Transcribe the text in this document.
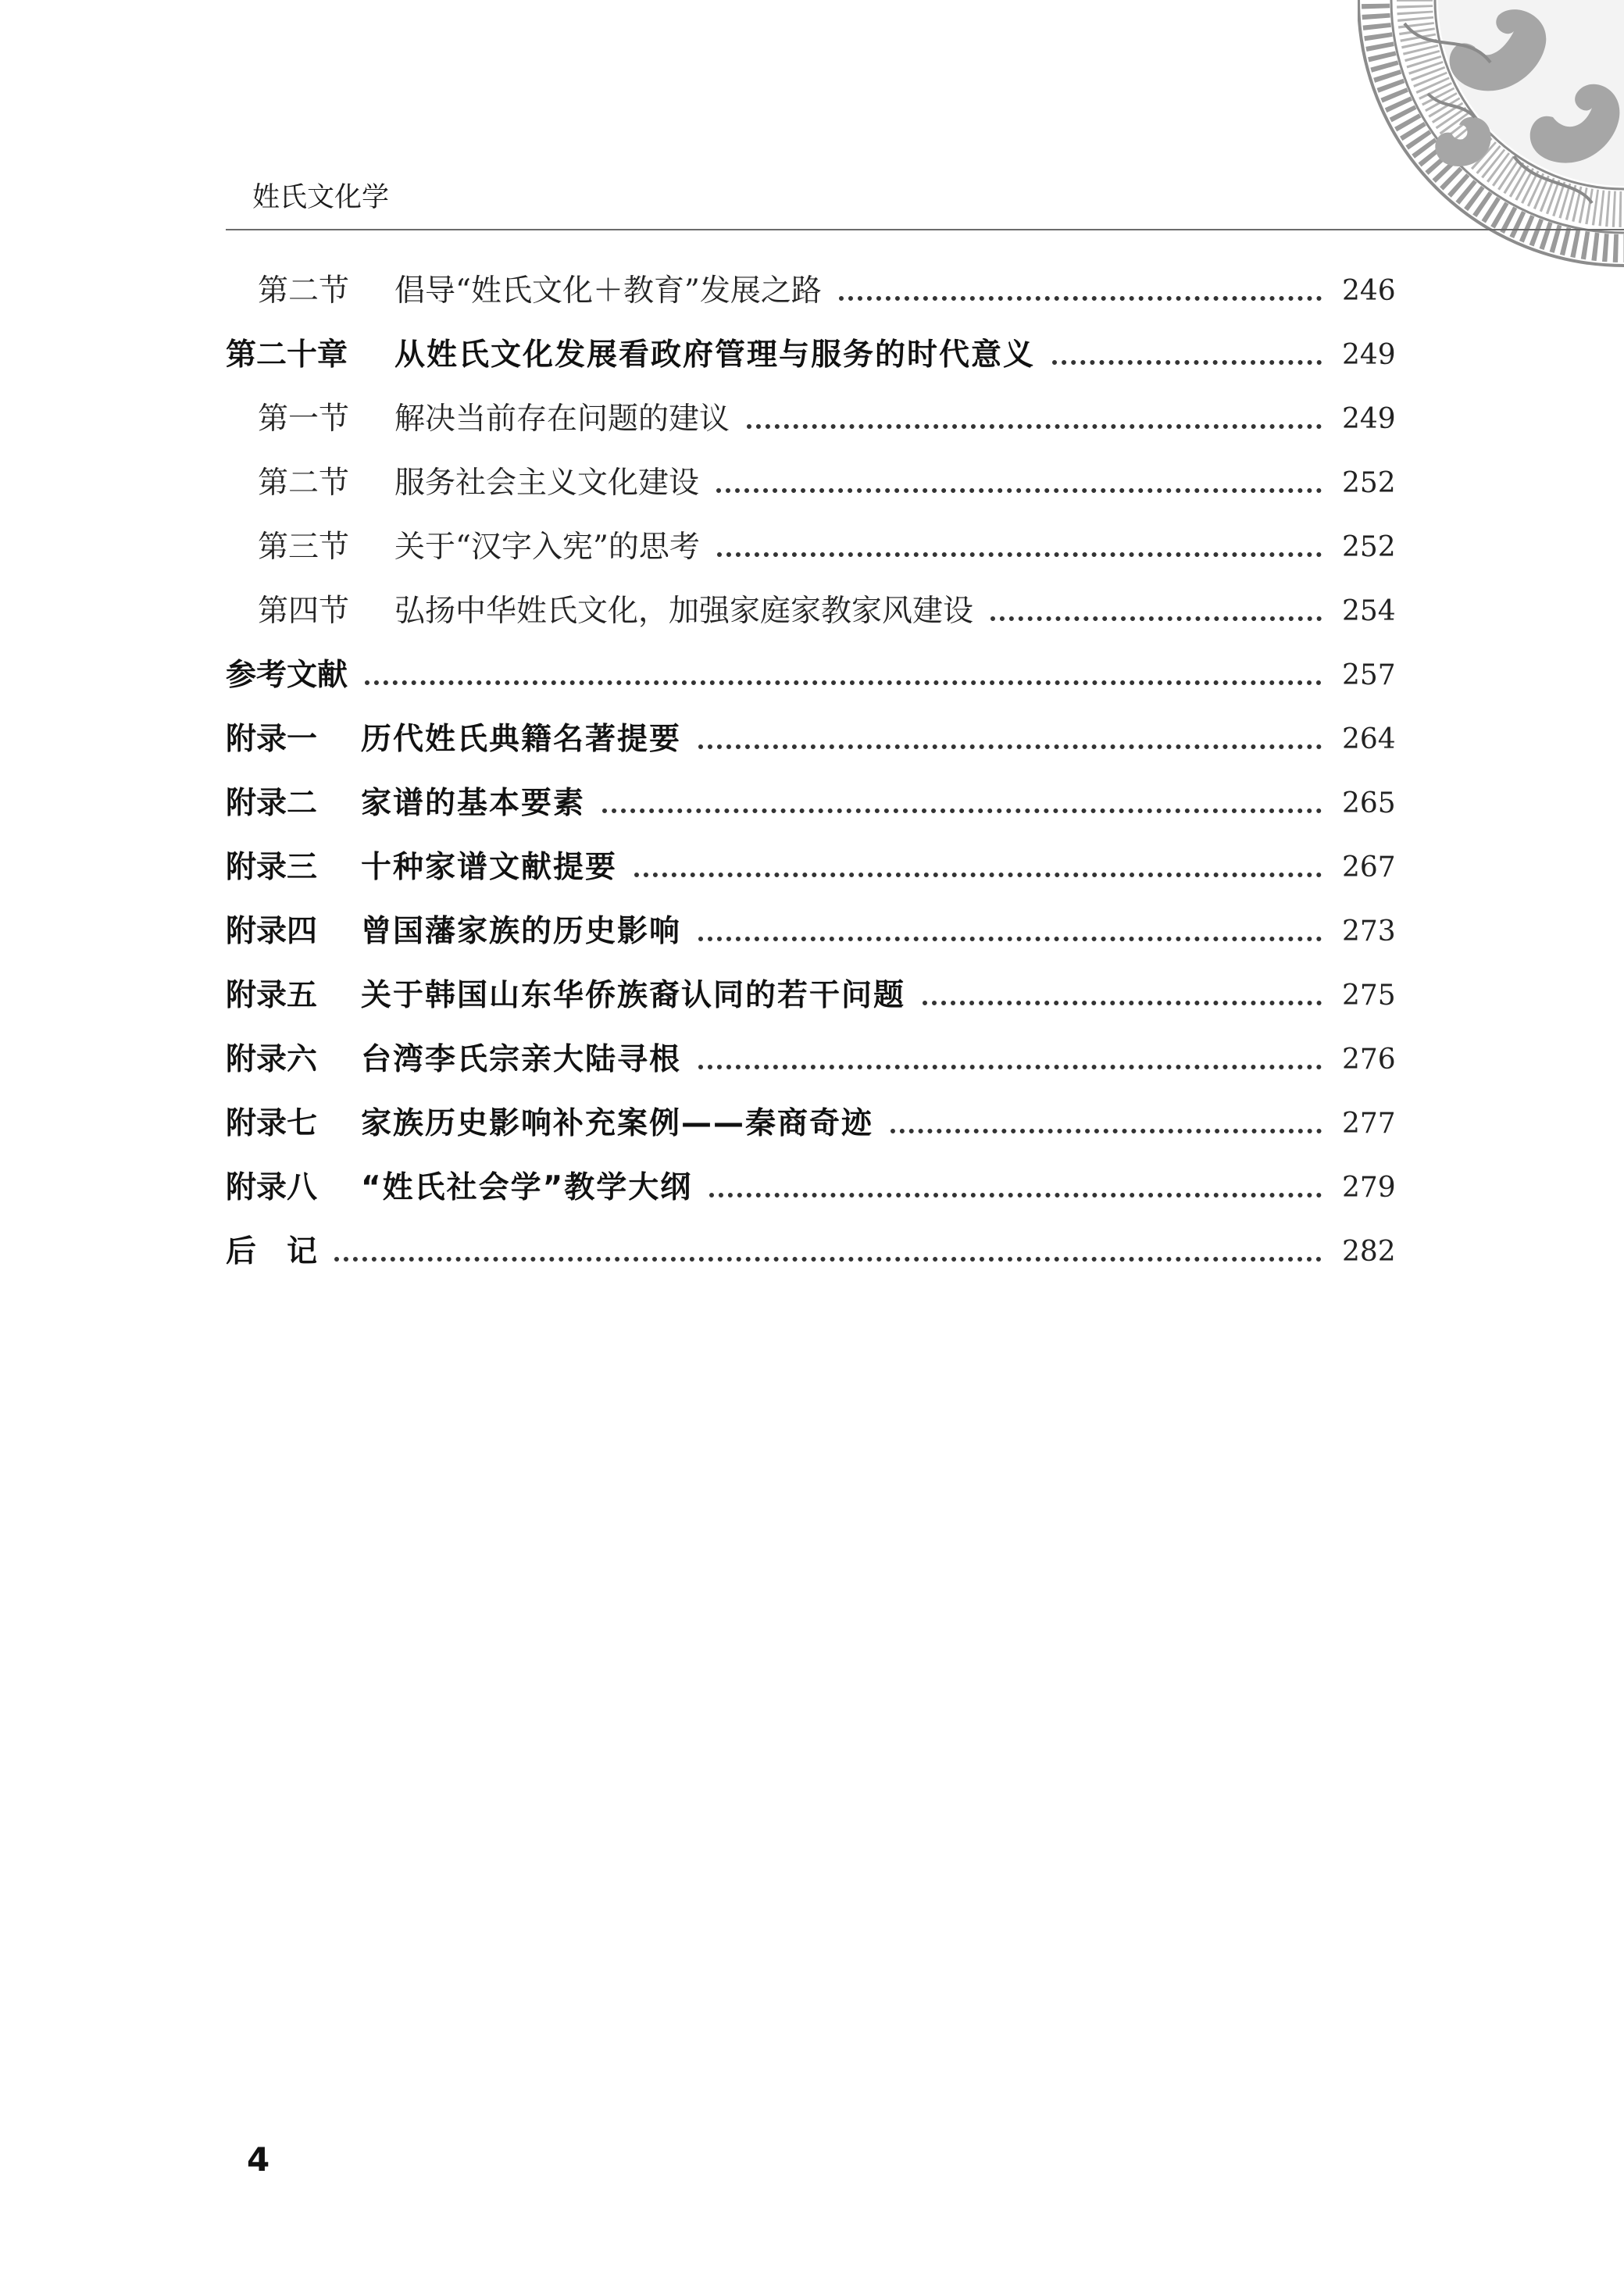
姓氏文化学
第二节 倡导“姓氏文化＋教育”发展之路	246
第二十章 从姓氏文化发展看政府管理与服务的时代意义	249
第一节 解决当前存在问题的建议	249
第二节 服务社会主义文化建设	252
第三节 关于“汉字入宪”的思考	252
第四节 弘扬中华姓氏文化，加强家庭家教家风建设	254
参考文献	257
附录一 历代姓氏典籍名著提要	264
附录二 家谱的基本要素	265
附录三 十种家谱文献提要	267
附录四 曾国藩家族的历史影响	273
附录五 关于韩国山东华侨族裔认同的若干问题	275
附录六 台湾李氏宗亲大陆寻根	276
附录七 家族历史影响补充案例——秦商奇迹	277
附录八 “姓氏社会学”教学大纲	279
后　记	282
4
